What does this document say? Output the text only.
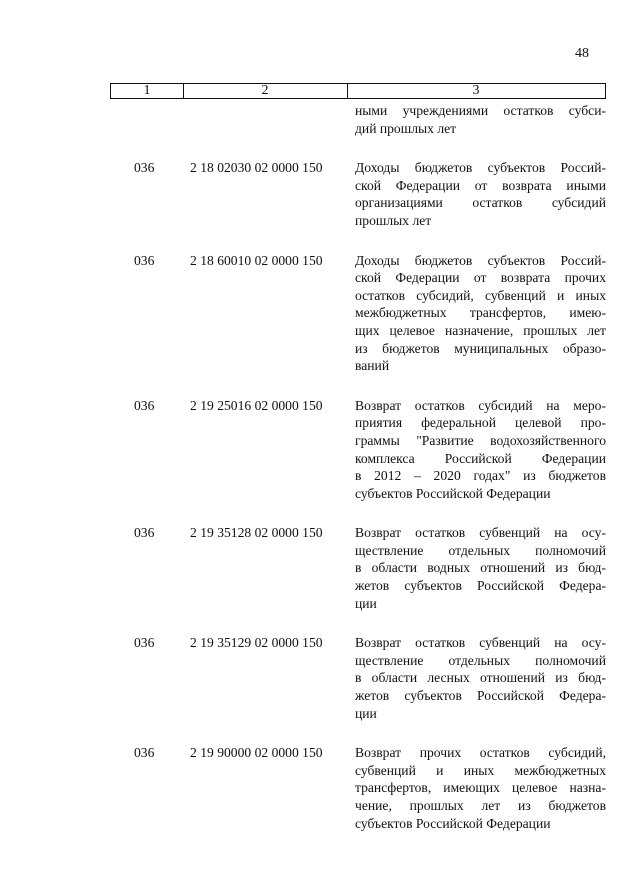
48
1	2	3
ными учреждениями остатков субси-
дий прошлых лет
036	2 18 02030 02 0000 150	Доходы бюджетов субъектов Россий-
ской Федерации от возврата иными
организациями остатков субсидий
прошлых лет
036	2 18 60010 02 0000 150	Доходы бюджетов субъектов Россий-
ской Федерации от возврата прочих
остатков субсидий, субвенций и иных
межбюджетных трансфертов, имею-
щих целевое назначение, прошлых лет
из бюджетов муниципальных образо-
ваний
036	2 19 25016 02 0000 150	Возврат остатков субсидий на меро-
приятия федеральной целевой про-
граммы "Развитие водохозяйственного
комплекса Российской Федерации
в 2012 – 2020 годах" из бюджетов
субъектов Российской Федерации
036	2 19 35128 02 0000 150	Возврат остатков субвенций на осу-
ществление отдельных полномочий
в области водных отношений из бюд-
жетов субъектов Российской Федера-
ции
036	2 19 35129 02 0000 150	Возврат остатков субвенций на осу-
ществление отдельных полномочий
в области лесных отношений из бюд-
жетов субъектов Российской Федера-
ции
036	2 19 90000 02 0000 150	Возврат прочих остатков субсидий,
субвенций и иных межбюджетных
трансфертов, имеющих целевое назна-
чение, прошлых лет из бюджетов
субъектов Российской Федерации
